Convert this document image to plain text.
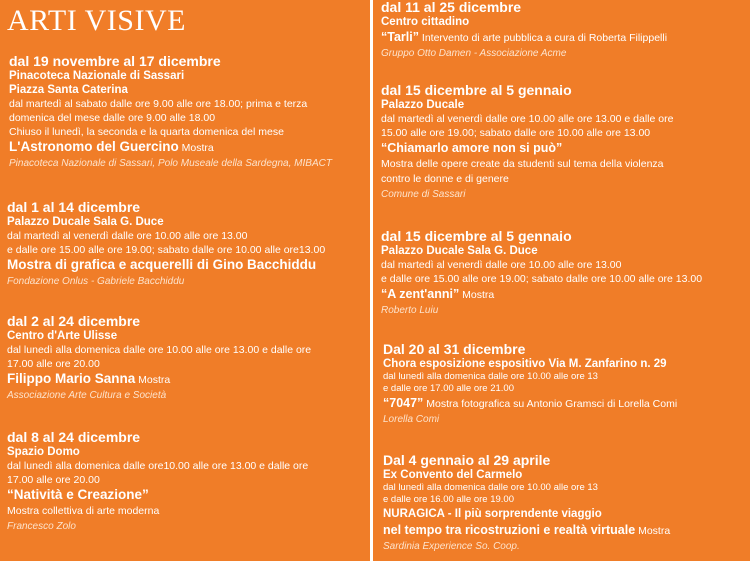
ARTI VISIVE
dal 19 novembre al 17 dicembre
Pinacoteca Nazionale di Sassari
Piazza Santa Caterina
dal martedì al sabato dalle ore 9.00 alle ore 18.00; prima e terza
domenica del mese dalle ore 9.00 alle 18.00
Chiuso il lunedì, la seconda e la quarta domenica del mese
L'Astronomo del Guercino Mostra
Pinacoteca Nazionale di Sassari, Polo Museale della Sardegna, MIBACT
dal 1 al 14 dicembre
Palazzo Ducale Sala G. Duce
dal martedì al venerdì dalle ore 10.00 alle ore 13.00
e dalle ore 15.00 alle ore 19.00; sabato dalle ore 10.00 alle ore13.00
Mostra di grafica e acquerelli di Gino Bacchiddu
Fondazione Onlus - Gabriele Bacchiddu
dal 2 al 24 dicembre
Centro d'Arte Ulisse
dal lunedì alla domenica dalle ore 10.00 alle ore 13.00 e dalle ore
17.00 alle ore 20.00
Filippo Mario Sanna Mostra
Associazione Arte Cultura e Società
dal 8 al 24 dicembre
Spazio Domo
dal lunedì alla domenica dalle ore10.00 alle ore 13.00 e dalle ore
17.00 alle ore 20.00
“Natività e Creazione”
Mostra collettiva di arte moderna
Francesco Zolo
dal 11 al 25 dicembre
Centro cittadino
“Tarli” Intervento di arte pubblica a cura di Roberta Filippelli
Gruppo Otto Damen - Associazione Acme
dal 15 dicembre al 5 gennaio
Palazzo Ducale
dal martedì al venerdì dalle ore 10.00 alle ore 13.00 e dalle ore
15.00 alle ore 19.00; sabato dalle ore 10.00 alle ore 13.00
“Chiamarlo amore non si può”
Mostra delle opere create da studenti sul tema della violenza
contro le donne e di genere
Comune di Sassari
dal 15 dicembre al 5 gennaio
Palazzo Ducale Sala G. Duce
dal martedì al venerdì dalle ore 10.00 alle ore 13.00
e dalle ore 15.00 alle ore 19.00; sabato dalle ore 10.00 alle ore 13.00
“A zent'anni” Mostra
Roberto Luiu
Dal 20 al 31 dicembre
Chora esposizione espositivo Via M. Zanfarino n. 29
dal lunedì alla domenica dalle ore 10.00 alle ore 13
e dalle ore 17.00 alle ore 21.00
“7047” Mostra fotografica su Antonio Gramsci di Lorella Comi
Lorella Comi
Dal 4 gennaio al 29 aprile
Ex Convento del Carmelo
dal lunedì alla domenica dalle ore 10.00 alle ore 13
e dalle ore 16.00 alle ore 19.00
NURAGICA - Il più sorprendente viaggio
nel tempo tra ricostruzioni e realtà virtuale Mostra
Sardinia Experience So. Coop.
